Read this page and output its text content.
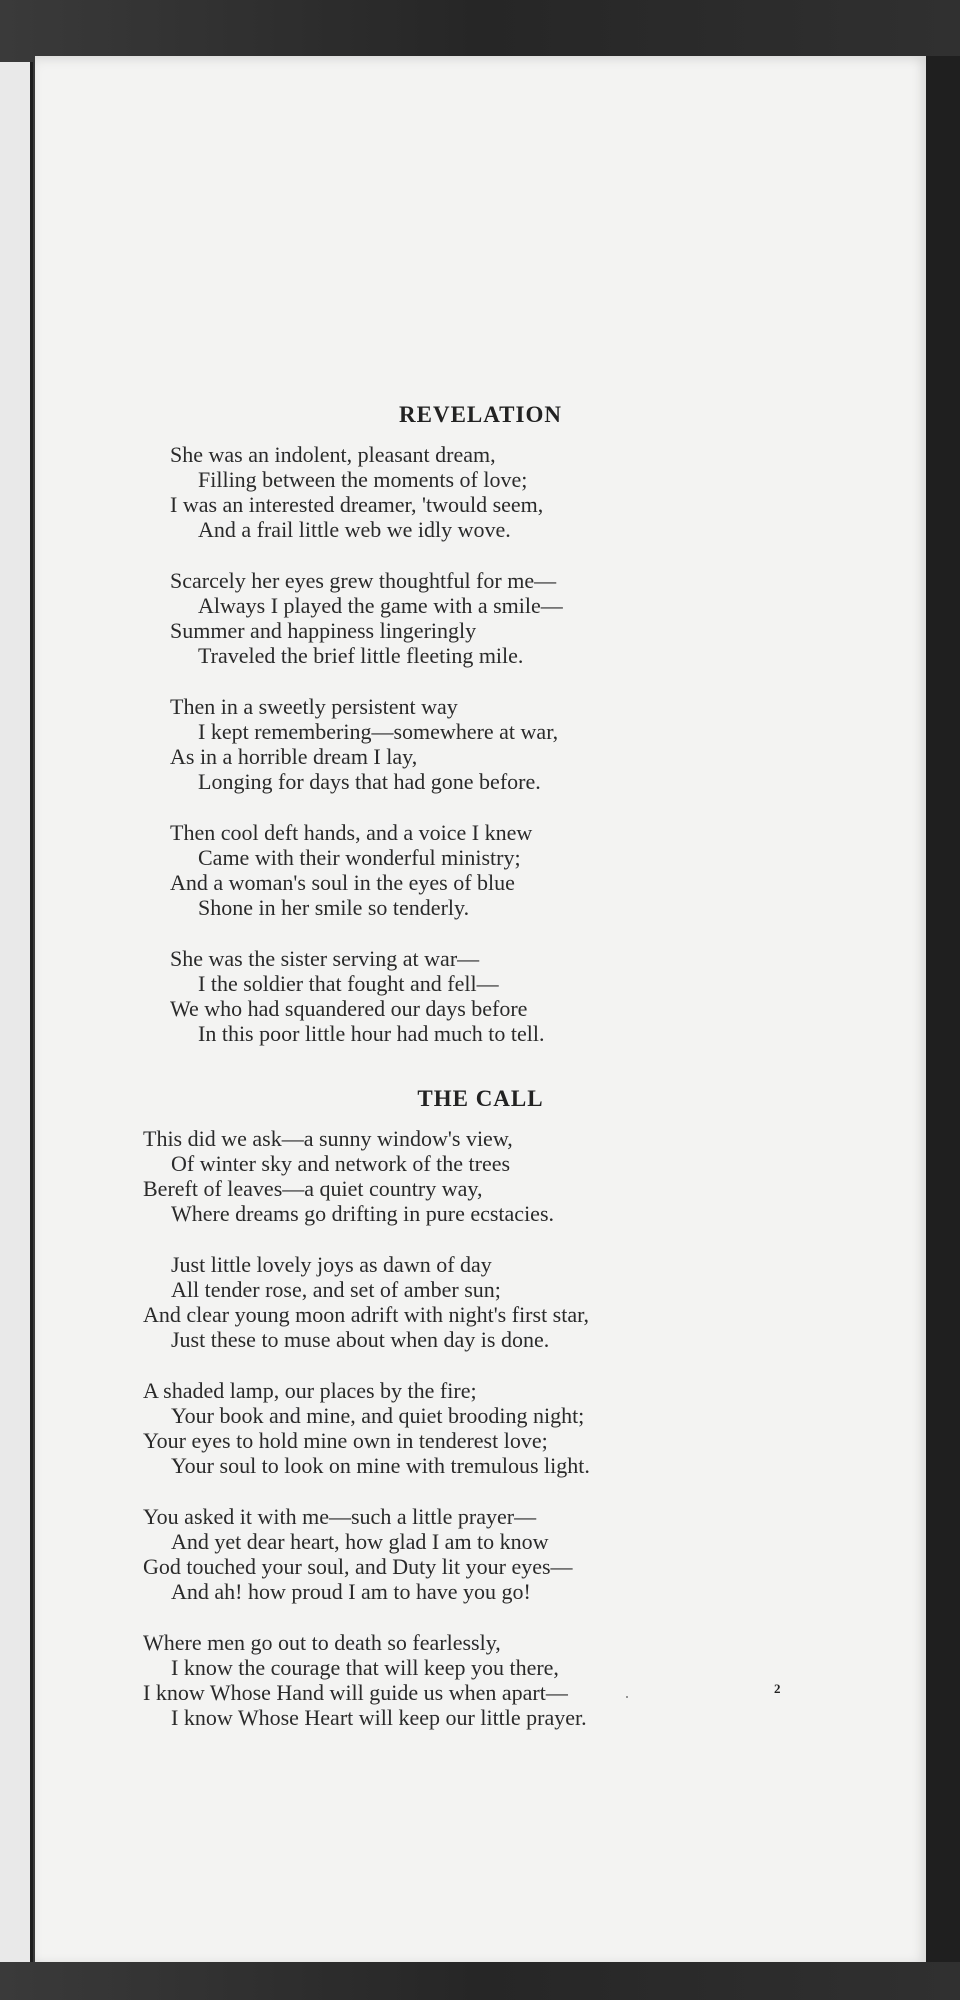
REVELATION
She was an indolent, pleasant dream,
Filling between the moments of love;
I was an interested dreamer, 'twould seem,
And a frail little web we idly wove.
Scarcely her eyes grew thoughtful for me—
Always I played the game with a smile—
Summer and happiness lingeringly
Traveled the brief little fleeting mile.
Then in a sweetly persistent way
I kept remembering—somewhere at war,
As in a horrible dream I lay,
Longing for days that had gone before.
Then cool deft hands, and a voice I knew
Came with their wonderful ministry;
And a woman's soul in the eyes of blue
Shone in her smile so tenderly.
She was the sister serving at war—
I the soldier that fought and fell—
We who had squandered our days before
In this poor little hour had much to tell.
THE CALL
This did we ask—a sunny window's view,
Of winter sky and network of the trees
Bereft of leaves—a quiet country way,
Where dreams go drifting in pure ecstacies.
Just little lovely joys as dawn of day
All tender rose, and set of amber sun;
And clear young moon adrift with night's first star,
Just these to muse about when day is done.
A shaded lamp, our places by the fire;
Your book and mine, and quiet brooding night;
Your eyes to hold mine own in tenderest love;
Your soul to look on mine with tremulous light.
You asked it with me—such a little prayer—
And yet dear heart, how glad I am to know
God touched your soul, and Duty lit your eyes—
And ah! how proud I am to have you go!
Where men go out to death so fearlessly,
I know the courage that will keep you there,
I know Whose Hand will guide us when apart—
I know Whose Heart will keep our little prayer.
2
